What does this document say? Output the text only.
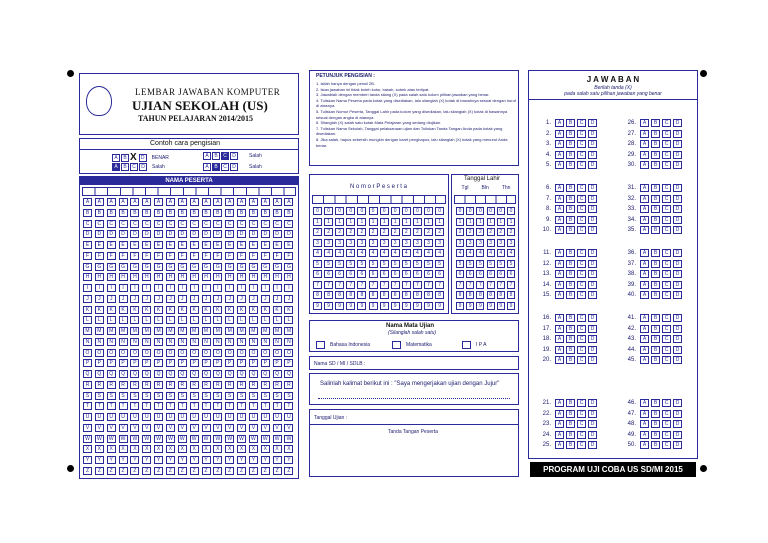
LEMBAR JAWABAN KOMPUTER
UJIAN SEKOLAH (US)
TAHUN PELAJARAN 2014/2015
Contoh cara pengisian
A	B X D	BENAR	A	B	C	D	Salah
A	B	C	D	Salah	A	B	C	D	Salah
NAMA PESERTA
A	A	A	A	A	A	A	A	A	A	A	A	A	A	A	A	A	A
B	B	B	B	B	B	B	B	B	B	B	B	B	B	B	B	B	B
C	C	C	C	C	C	C	C	C	C	C	C	C	C	C	C	C	C
D	D	D	D	D	D	D	D	D	D	D	D	D	D	D	D	D	D
E	E	E	E	E	E	E	E	E	E	E	E	E	E	E	E	E	E
F	F	F	F	F	F	F	F	F	F	F	F	F	F	F	F	F	F
G	G	G	G	G	G	G	G	G	G	G	G	G	G	G	G	G	G
H	H	H	H	H	H	H	H	H	H	H	H	H	H	H	H	H	H
I	I	I	I	I	I	I	I	I	I	I	I	I	I	I	I	I	I
J	J	J	J	J	J	J	J	J	J	J	J	J	J	J	J	J	J
K	K	K	K	K	K	K	K	K	K	K	K	K	K	K	K	K	K
L	L	L	L	L	L	L	L	L	L	L	L	L	L	L	L	L	L
M	M	M	M	M	M	M	M	M	M	M	M	M	M	M	M	M	M
N	N	N	N	N	N	N	N	N	N	N	N	N	N	N	N	N	N
O	O	O	O	O	O	O	O	O	O	O	O	O	O	O	O	O	O
P	P	P	P	P	P	P	P	P	P	P	P	P	P	P	P	P	P
Q	Q	Q	Q	Q	Q	Q	Q	Q	Q	Q	Q	Q	Q	Q	Q	Q	Q
R	R	R	R	R	R	R	R	R	R	R	R	R	R	R	R	R	R
S	S	S	S	S	S	S	S	S	S	S	S	S	S	S	S	S	S
T	T	T	T	T	T	T	T	T	T	T	T	T	T	T	T	T	T
U	U	U	U	U	U	U	U	U	U	U	U	U	U	U	U	U	U
V	V	V	V	V	V	V	V	V	V	V	V	V	V	V	V	V	V
W	W	W	W	W	W	W	W	W	W	W	W	W	W	W	W	W	W
X	X	X	X	X	X	X	X	X	X	X	X	X	X	X	X	X	X
Y	Y	Y	Y	Y	Y	Y	Y	Y	Y	Y	Y	Y	Y	Y	Y	Y	Y
Z	Z	Z	Z	Z	Z	Z	Z	Z	Z	Z	Z	Z	Z	Z	Z	Z	Z
PETUNJUK PENGISIAN :
1. Isilah hanya dengan pensil 2B.
2. Isian jawaban ini tidak boleh kotor, basah, sobek atau terlipat.
3. Jawablah dengan memberi tanda silang (X) pada salah satu kolom pilihan jawaban yang benar.
4. Tuliskan Nama Peserta pada kotak yang disediakan, lalu silanglah (X) kotak di bawahnya sesuai dengan huruf di atasnya.
5. Tuliskan Nomor Peserta, Tanggal Lahir pada kolom yang disediakan, lalu silanglah (X) kotak di bawahnya sesuai dengan angka di atasnya.
6. Silanglah (X) salah satu kotak Mata Pelajaran yang sedang diujikan.
7. Tuliskan Nama Sekolah, Tanggal pelaksanaan ujian dan Tuliskan Tanda Tangan Anda pada kotak yang disediakan.
8. Jika salah, hapus sebersih mungkin dengan karet penghapus, lalu silanglah (X) kotak yang menurut Anda benar.
N o m o r P e s e r t a
0	0	0	0	0	0	0	0	0	0	0	0
1	1	1	1	1	1	1	1	1	1	1	1
2	2	2	2	2	2	2	2	2	2	2	2
3	3	3	3	3	3	3	3	3	3	3	3
4	4	4	4	4	4	4	4	4	4	4	4
5	5	5	5	5	5	5	5	5	5	5	5
6	6	6	6	6	6	6	6	6	6	6	6
7	7	7	7	7	7	7	7	7	7	7	7
8	8	8	8	8	8	8	8	8	8	8	8
9	9	9	9	9	9	9	9	9	9	9	9
Tanggal Lahir
Tgl	Bln	Thn
0	0	0	0	0	0
1	1	1	1	1	1
2	2	2	2	2	2
3	3	3	3	3	3
4	4	4	4	4	4
5	5	5	5	5	5
6	6	6	6	6	6
7	7	7	7	7	7
8	8	8	8	8	8
9	9	9	9	9	9
Nama Mata Ujian
(Silanglah salah satu)
Bahasa Indonesia	Matematika	I P A
Nama SD / MI / SDLB :
Salinlah kalimat berikut ini : "Saya mengerjakan ujian dengan Jujur"
Tanggal Ujian :
Tanda Tangan Peserta
J A W A B A N
Berilah tanda (X)
pada salah satu pilihan jawaban yang benar
1.	A	B	C	D
2.	A	B	C	D
3.	A	B	C	D
4.	A	B	C	D
5.	A	B	C	D
6.	A	B	C	D
7.	A	B	C	D
8.	A	B	C	D
9.	A	B	C	D
10.	A	B	C	D
11.	A	B	C	D
12.	A	B	C	D
13.	A	B	C	D
14.	A	B	C	D
15.	A	B	C	D
16.	A	B	C	D
17.	A	B	C	D
18.	A	B	C	D
19.	A	B	C	D
20.	A	B	C	D
21.	A	B	C	D
22.	A	B	C	D
23.	A	B	C	D
24.	A	B	C	D
25.	A	B	C	D
26.	A	B	C	D
27.	A	B	C	D
28.	A	B	C	D
29.	A	B	C	D
30.	A	B	C	D
31.	A	B	C	D
32.	A	B	C	D
33.	A	B	C	D
34.	A	B	C	D
35.	A	B	C	D
36.	A	B	C	D
37.	A	B	C	D
38.	A	B	C	D
39.	A	B	C	D
40.	A	B	C	D
41.	A	B	C	D
42.	A	B	C	D
43.	A	B	C	D
44.	A	B	C	D
45.	A	B	C	D
46.	A	B	C	D
47.	A	B	C	D
48.	A	B	C	D
49.	A	B	C	D
50.	A	B	C	D
PROGRAM UJI COBA US SD/MI 2015
